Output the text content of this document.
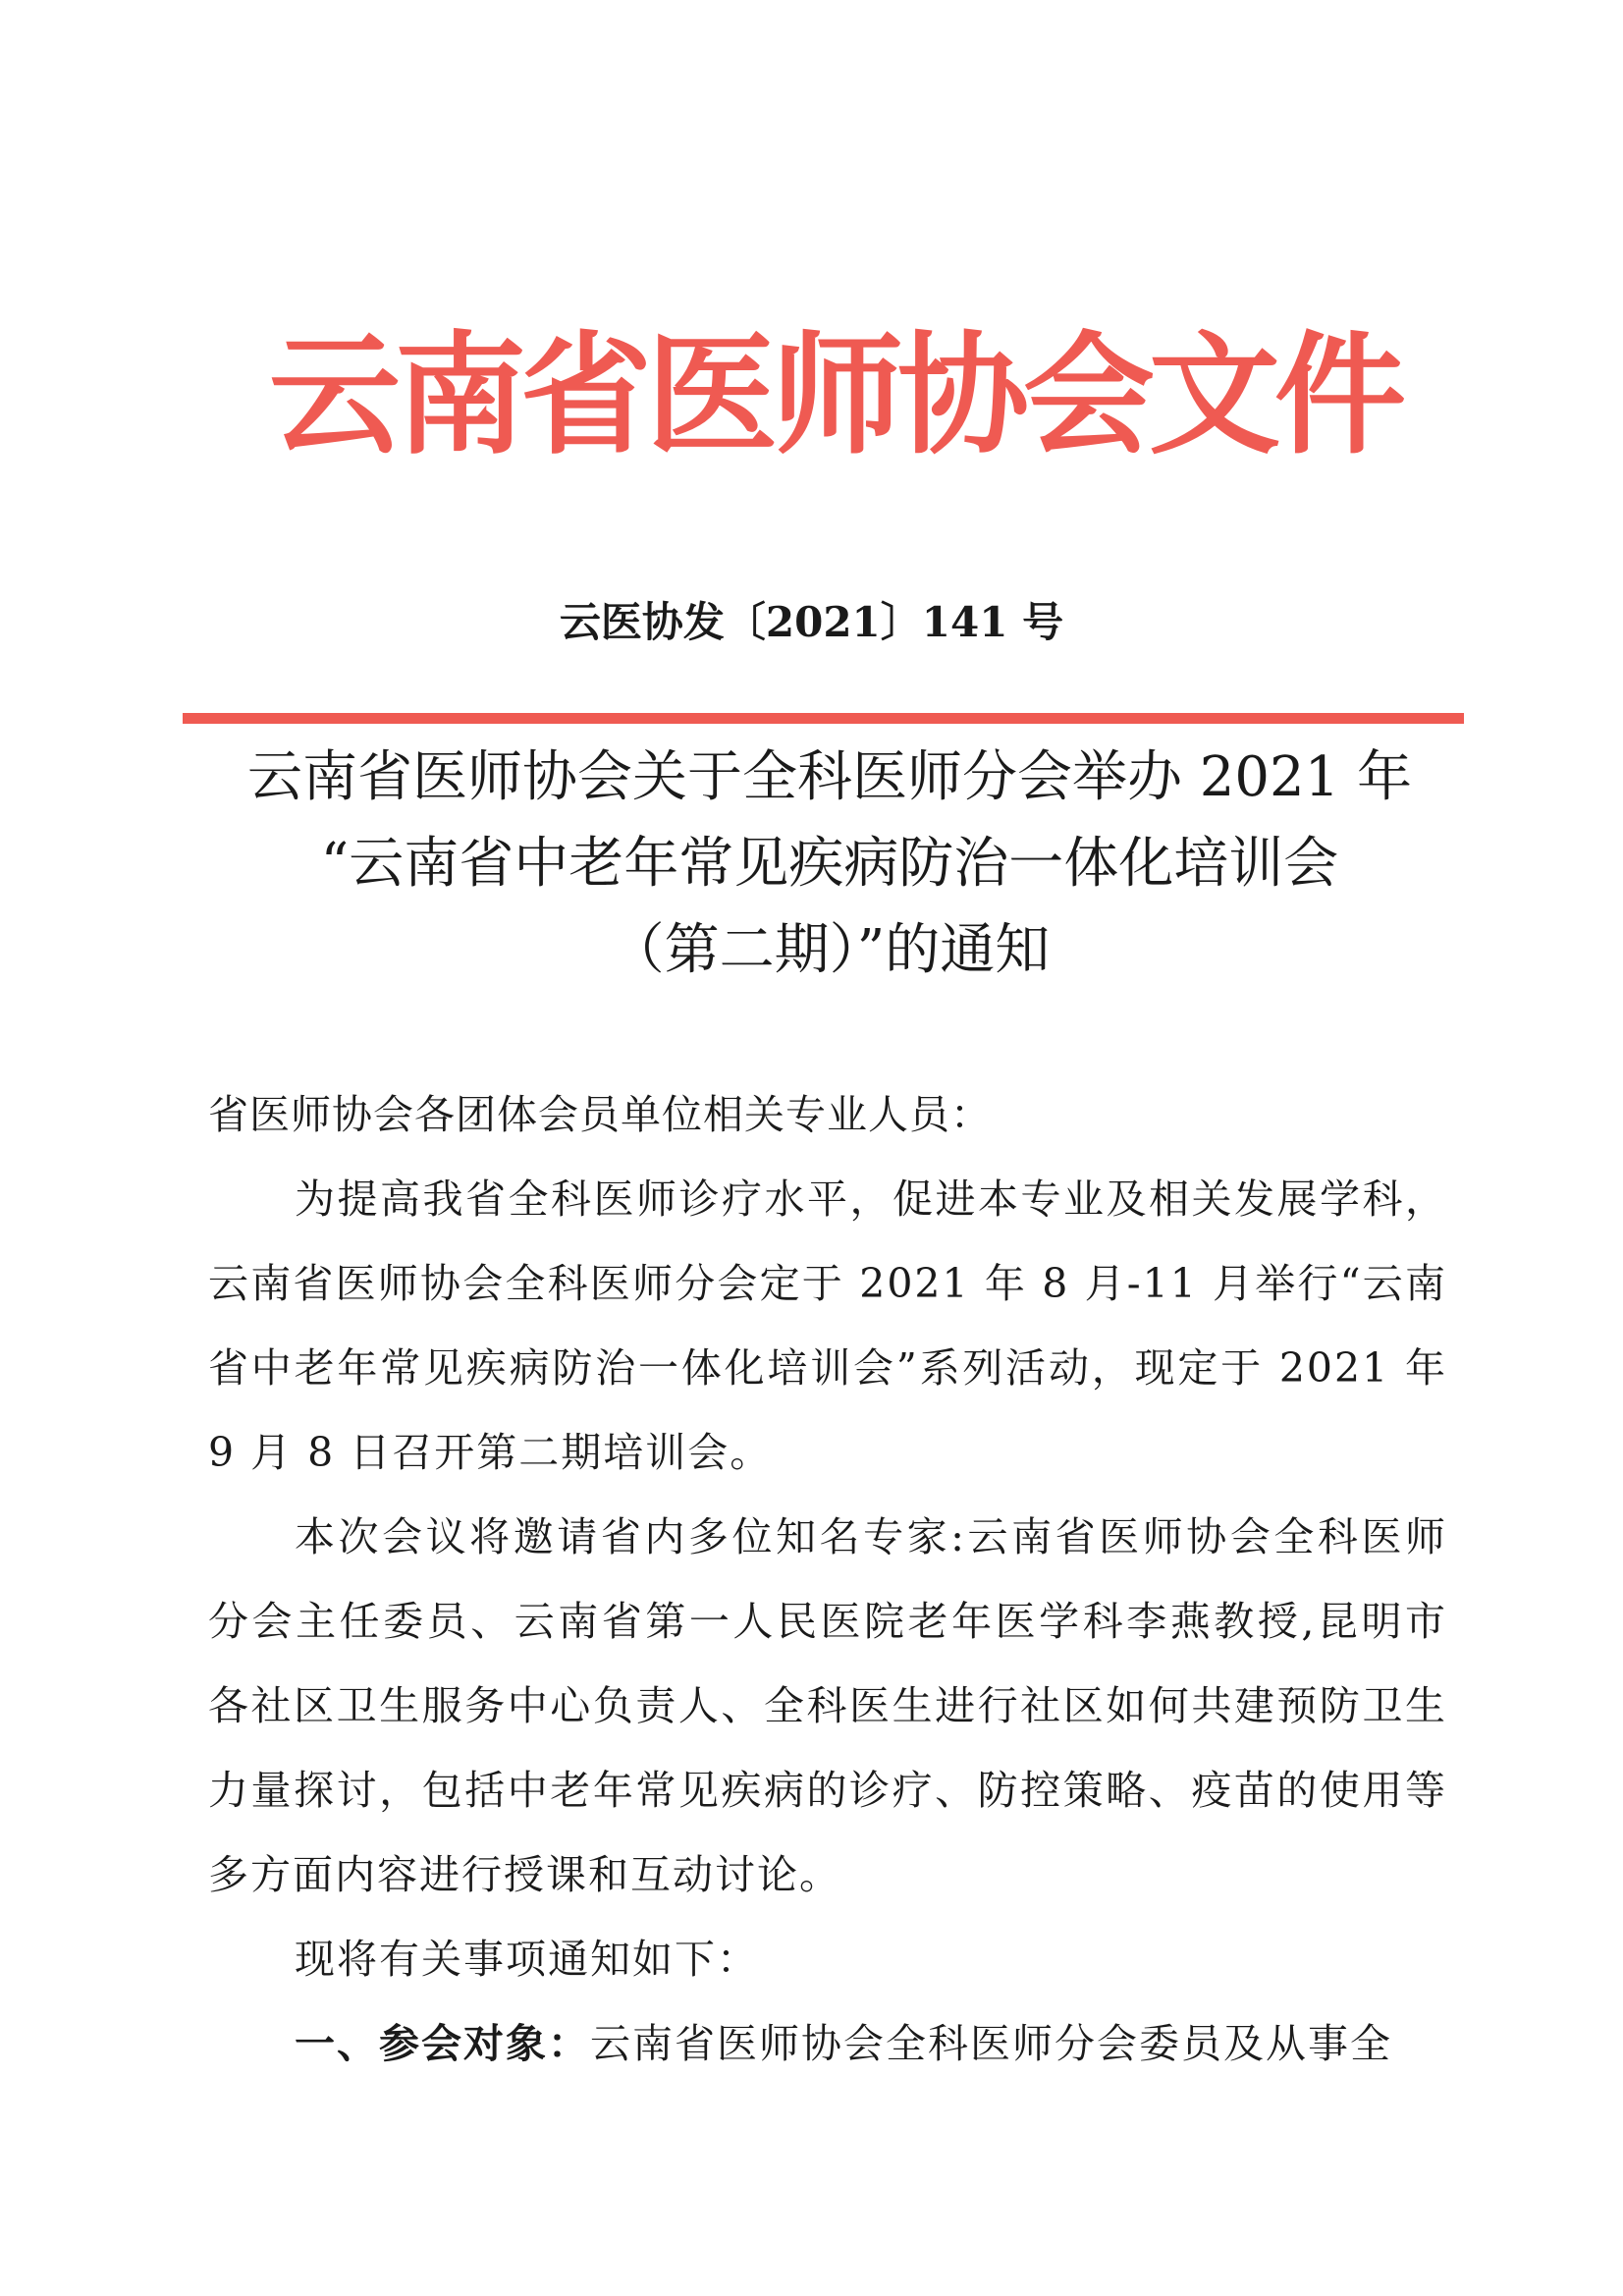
云南省医师协会文件
云医协发〔2021〕141 号
云南省医师协会关于全科医师分会举办 2021 年
“云南省中老年常见疾病防治一体化培训会
（第二期）”的通知
省医师协会各团体会员单位相关专业人员：

为提高我省全科医师诊疗水平，促进本专业及相关发展学科，云南省医师协会全科医师分会定于 2021 年 8 月-11 月举行“云南省中老年常见疾病防治一体化培训会”系列活动，现定于 2021 年 9 月 8 日召开第二期培训会。

本次会议将邀请省内多位知名专家:云南省医师协会全科医师分会主任委员、云南省第一人民医院老年医学科李燕教授,昆明市各社区卫生服务中心负责人、全科医生进行社区如何共建预防卫生力量探讨，包括中老年常见疾病的诊疗、防控策略、疫苗的使用等多方面内容进行授课和互动讨论。

现将有关事项通知如下：

一、参会对象：云南省医师协会全科医师分会委员及从事全
